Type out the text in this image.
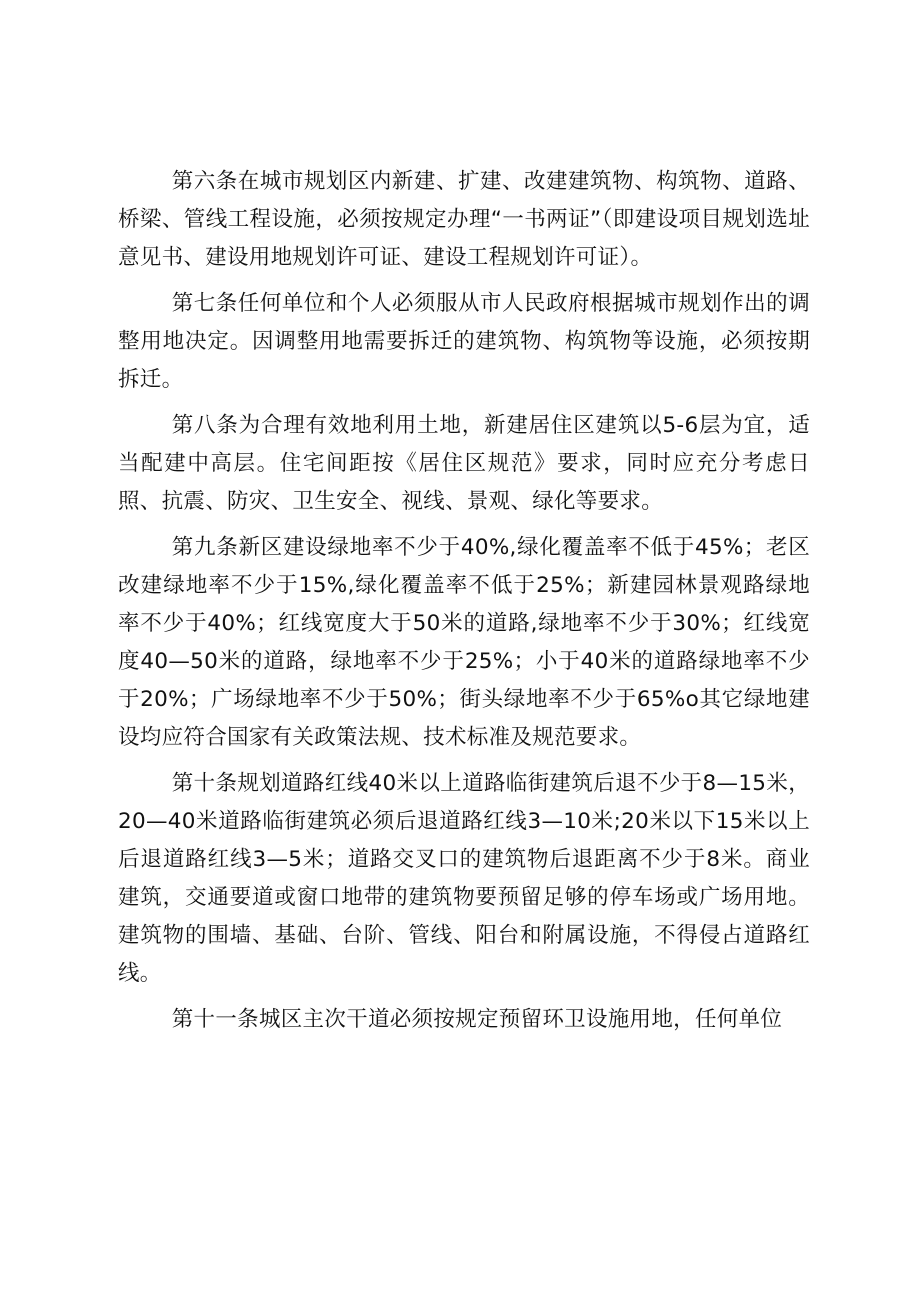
第六条在城市规划区内新建、扩建、改建建筑物、构筑物、道路、桥梁、管线工程设施，必须按规定办理“一书两证”（即建设项目规划选址意见书、建设用地规划许可证、建设工程规划许可证）。

第七条任何单位和个人必须服从市人民政府根据城市规划作出的调整用地决定。因调整用地需要拆迁的建筑物、构筑物等设施，必须按期拆迁。

第八条为合理有效地利用土地，新建居住区建筑以5-6层为宜，适当配建中高层。住宅间距按《居住区规范》要求，同时应充分考虑日照、抗震、防灾、卫生安全、视线、景观、绿化等要求。

第九条新区建设绿地率不少于40%,绿化覆盖率不低于45%；老区改建绿地率不少于15%,绿化覆盖率不低于25%；新建园林景观路绿地率不少于40%；红线宽度大于50米的道路,绿地率不少于30%；红线宽度40—50米的道路，绿地率不少于25%；小于40米的道路绿地率不少于20%；广场绿地率不少于50%；街头绿地率不少于65%o其它绿地建设均应符合国家有关政策法规、技术标准及规范要求。

第十条规划道路红线40米以上道路临街建筑后退不少于8—15米，20—40米道路临街建筑必须后退道路红线3—10米;20米以下15米以上后退道路红线3—5米；道路交叉口的建筑物后退距离不少于8米。商业建筑，交通要道或窗口地带的建筑物要预留足够的停车场或广场用地。建筑物的围墙、基础、台阶、管线、阳台和附属设施，不得侵占道路红线。

第十一条城区主次干道必须按规定预留环卫设施用地，任何单位
